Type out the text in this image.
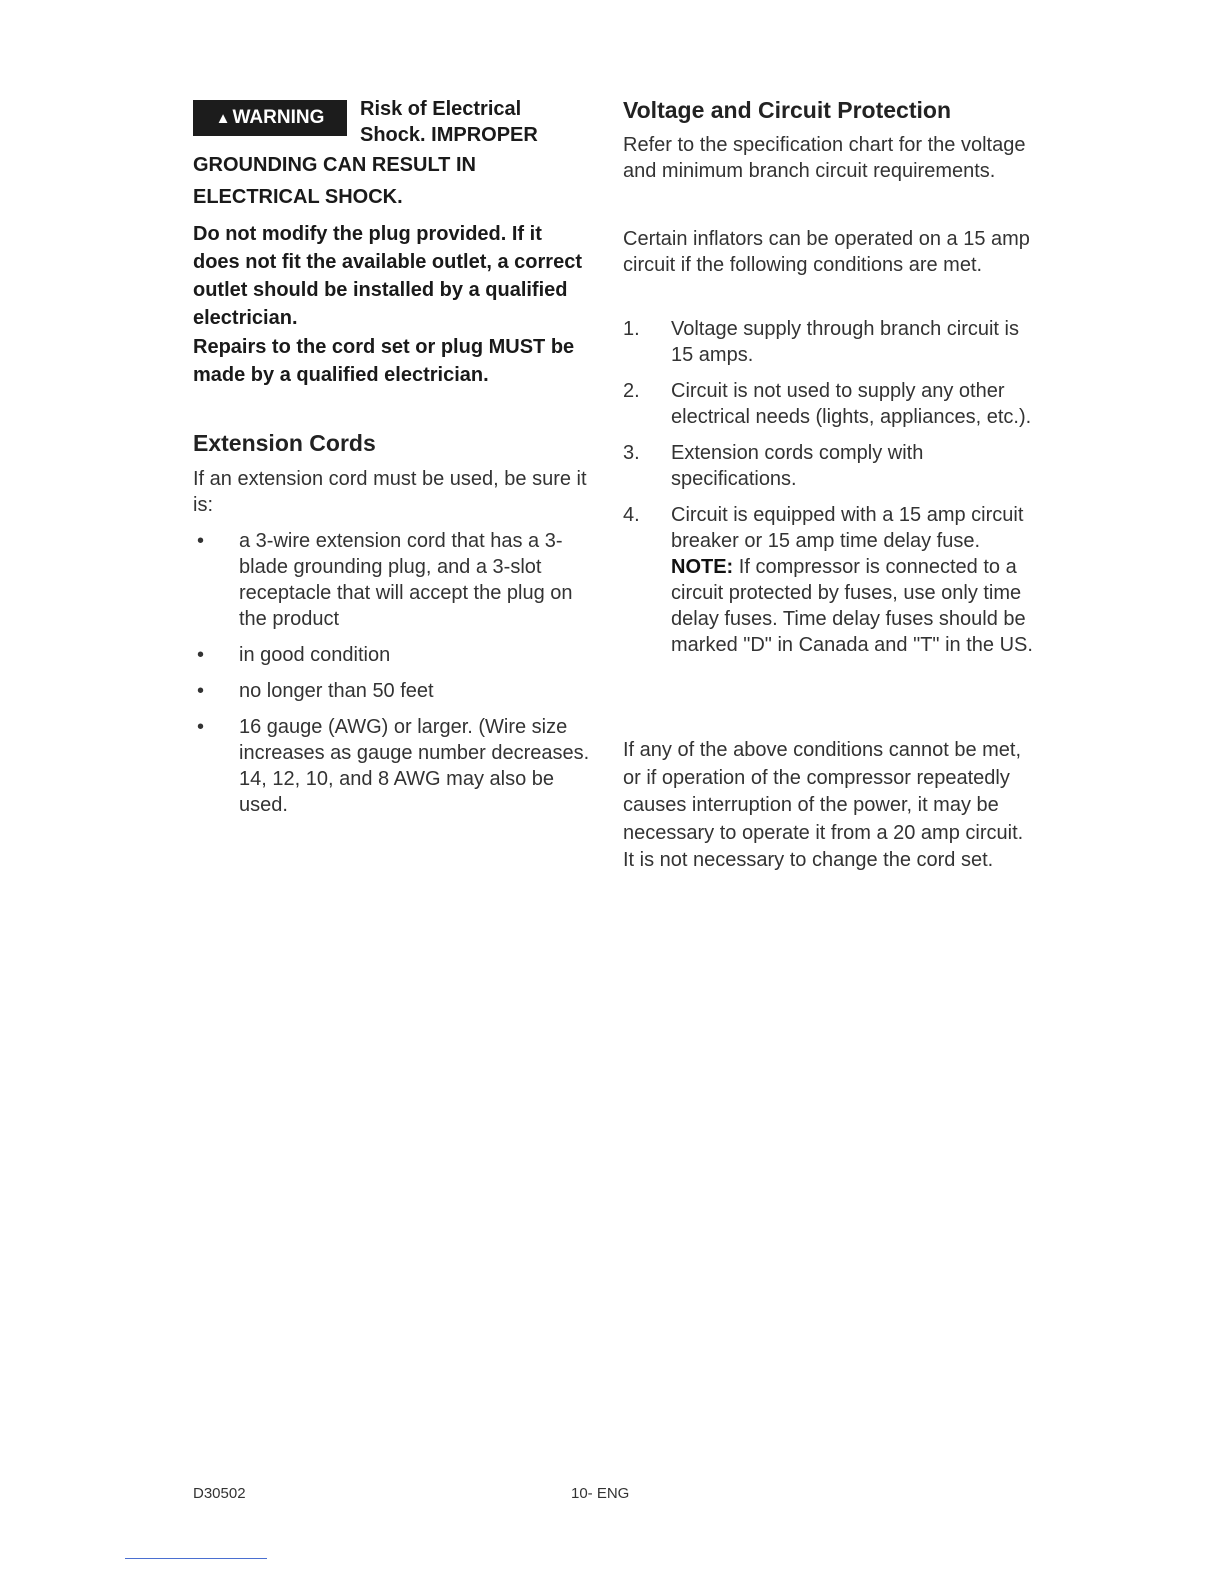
▲ WARNING	Risk of Electrical
Shock. IMPROPER
GROUNDING CAN RESULT IN
ELECTRICAL SHOCK.
Do not modify the plug provided. If it does not fit the available outlet, a correct outlet should be installed by a qualified electrician.
Repairs to the cord set or plug MUST be made by a qualified electrician.
Extension Cords
If an extension cord must be used, be sure it is:
• a 3-wire extension cord that has a 3-blade grounding plug, and a 3-slot receptacle that will accept the plug on the product
• in good condition
• no longer than 50 feet
• 16 gauge (AWG) or larger. (Wire size increases as gauge number decreases. 14, 12, 10, and 8 AWG may also be used.
Voltage and Circuit Protection
Refer to the specification chart for the voltage and minimum branch circuit requirements.
Certain inflators can be operated on a 15 amp circuit if the following conditions are met.
1. Voltage supply through branch circuit is 15 amps.
2. Circuit is not used to supply any other electrical needs (lights, appliances, etc.).
3. Extension cords comply with specifications.
4. Circuit is equipped with a 15 amp circuit breaker or 15 amp time delay fuse. NOTE: If compressor is connected to a circuit protected by fuses, use only time delay fuses. Time delay fuses should be marked "D" in Canada and "T" in the US.
If any of the above conditions cannot be met, or if operation of the compressor repeatedly causes interruption of the power, it may be necessary to operate it from a 20 amp circuit. It is not necessary to change the cord set.
D30502	10- ENG
